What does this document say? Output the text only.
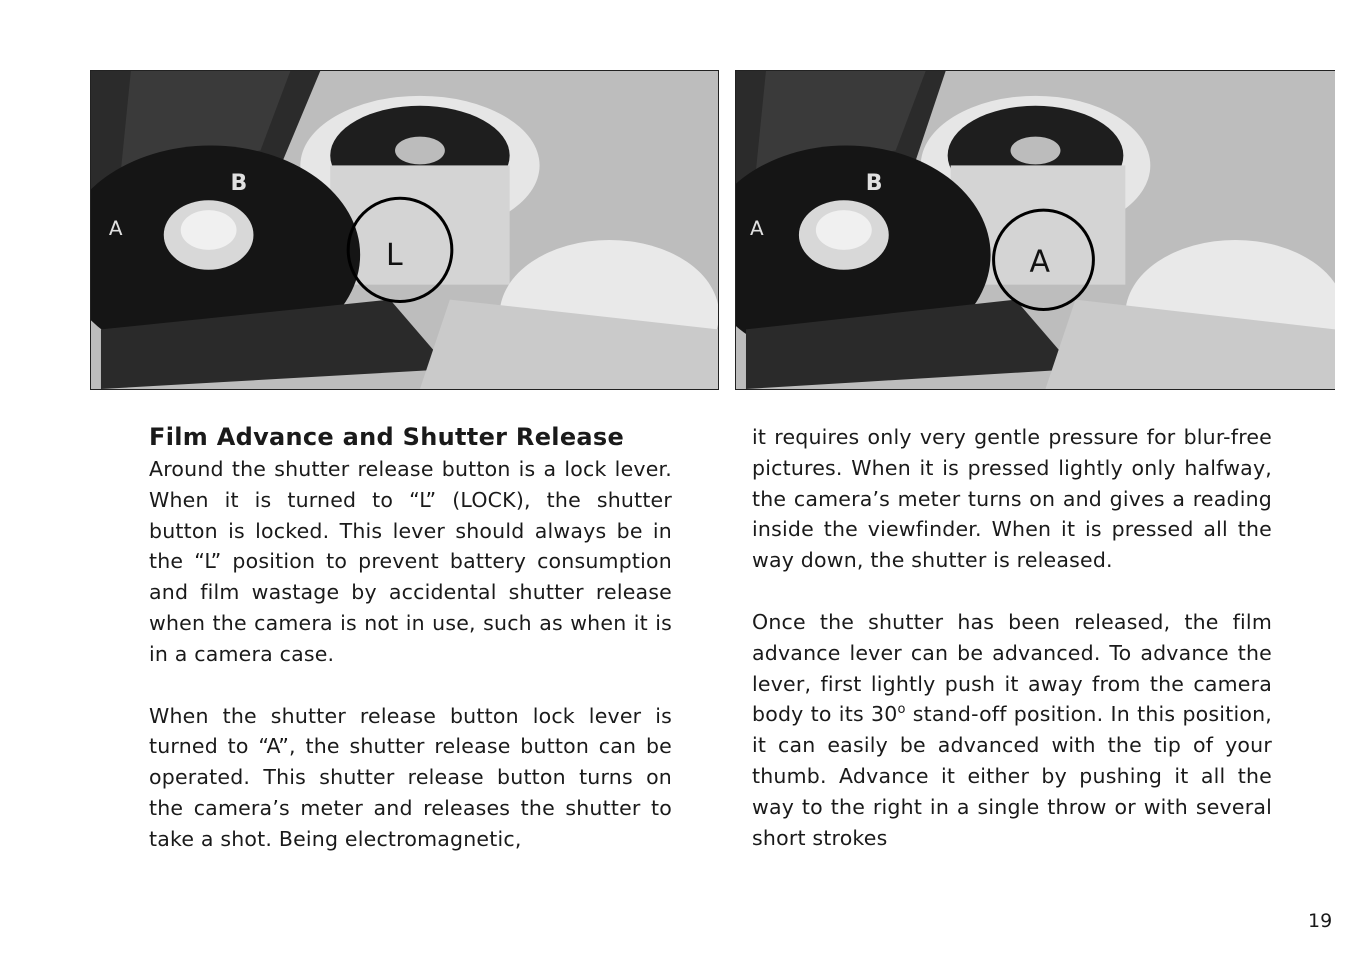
A
B
L
A
B
A
Film Advance and Shutter Release

Around the shutter release button is a lock lever. When it is turned to “L” (LOCK), the shutter button is locked. This lever should always be in the “L” position to prevent battery consumption and film wastage by accidental shutter release when the camera is not in use, such as when it is in a camera case.

When the shutter release button lock lever is turned to “A”, the shutter release button can be operated. This shutter release button turns on the camera’s meter and releases the shutter to take a shot. Being electromagnetic,

it requires only very gentle pressure for blur-free pictures. When it is pressed lightly only halfway, the camera’s meter turns on and gives a reading inside the viewfinder. When it is pressed all the way down, the shutter is released.

Once the shutter has been released, the film advance lever can be advanced. To advance the lever, first lightly push it away from the camera body to its 30$^o$ stand-off position. In this position, it can easily be advanced with the tip of your thumb. Advance it either by pushing it all the way to the right in a single throw or with several short strokes

19
